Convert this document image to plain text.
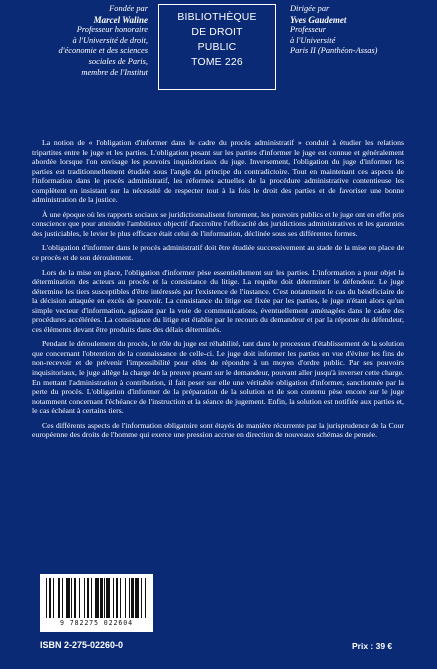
Fondée par
Marcel Waline
Professeur honoraire
à l'Université de droit,
d'économie et des sciences
sociales de Paris,
membre de l'Institut
BIBLIOTHÈQUE
DE DROIT
PUBLIC
TOME 226
Dirigée par
Yves Gaudemet
Professeur
à l'Université
Paris II (Panthéon-Assas)

La notion de « l'obligation d'informer dans le cadre du procès administratif » conduit à étudier les relations tripartites entre le juge et les parties. L'obligation pesant sur les parties d'informer le juge est connue et généralement abordée lorsque l'on envisage les pouvoirs inquisitoriaux du juge. Inversement, l'obligation du juge d'informer les parties est traditionnellement étudiée sous l'angle du principe du contradictoire. Tout en maintenant ces aspects de l'information dans le procès administratif, les réformes actuelles de la procédure administrative contentieuse les complètent en insistant sur la nécessité de respecter tout à la fois le droit des parties et de favoriser une bonne administration de la justice.

À une époque où les rapports sociaux se juridictionnalisent fortement, les pouvoirs publics et le juge ont en effet pris conscience que pour atteindre l'ambitieux objectif d'accroître l'efficacité des juridictions administratives et les garanties des justiciables, le levier le plus efficace était celui de l'information, déclinée sous ses différentes formes.

L'obligation d'informer dans le procès administratif doit être étudiée successivement au stade de la mise en place de ce procès et de son déroulement.

Lors de la mise en place, l'obligation d'informer pèse essentiellement sur les parties. L'information a pour objet la détermination des acteurs au procès et la consistance du litige. La requête doit déterminer le défendeur. Le juge détermine les tiers susceptibles d'être intéressés par l'existence de l'instance. C'est notamment le cas du bénéficiaire de la décision attaquée en excès de pouvoir. La consistance du litige est fixée par les parties, le juge n'étant alors qu'un simple vecteur d'information, agissant par la voie de communications, éventuellement aménagées dans le cadre des procédures accélérées. La consistance du litige est établie par le recours du demandeur et par la réponse du défendeur, ces éléments devant être produits dans des délais déterminés.

Pendant le déroulement du procès, le rôle du juge est réhabilité, tant dans le processus d'établissement de la solution que concernant l'obtention de la connaissance de celle-ci. Le juge doit informer les parties en vue d'éviter les fins de non-recevoir et de prévenir l'impossibilité pour elles de répondre à un moyen d'ordre public. Par ses pouvoirs inquisitoriaux, le juge allège la charge de la preuve pesant sur le demandeur, pouvant aller jusqu'à inverser cette charge. En mettant l'administration à contribution, il fait peser sur elle une véritable obligation d'informer, sanctionnée par la perte du procès. L'obligation d'informer de la préparation de la solution et de son contenu pèse encore sur le juge notamment concernant l'échéance de l'instruction et la séance de jugement. Enfin, la solution est notifiée aux parties et, le cas échéant à certains tiers.

Ces différents aspects de l'information obligatoire sont étayés de manière récurrente par la jurisprudence de la Cour européenne des droits de l'homme qui exerce une pression accrue en direction de nouveaux schémas de pensée.

9 782275 022604
ISBN 2-275-02260-0	Prix : 39 €
